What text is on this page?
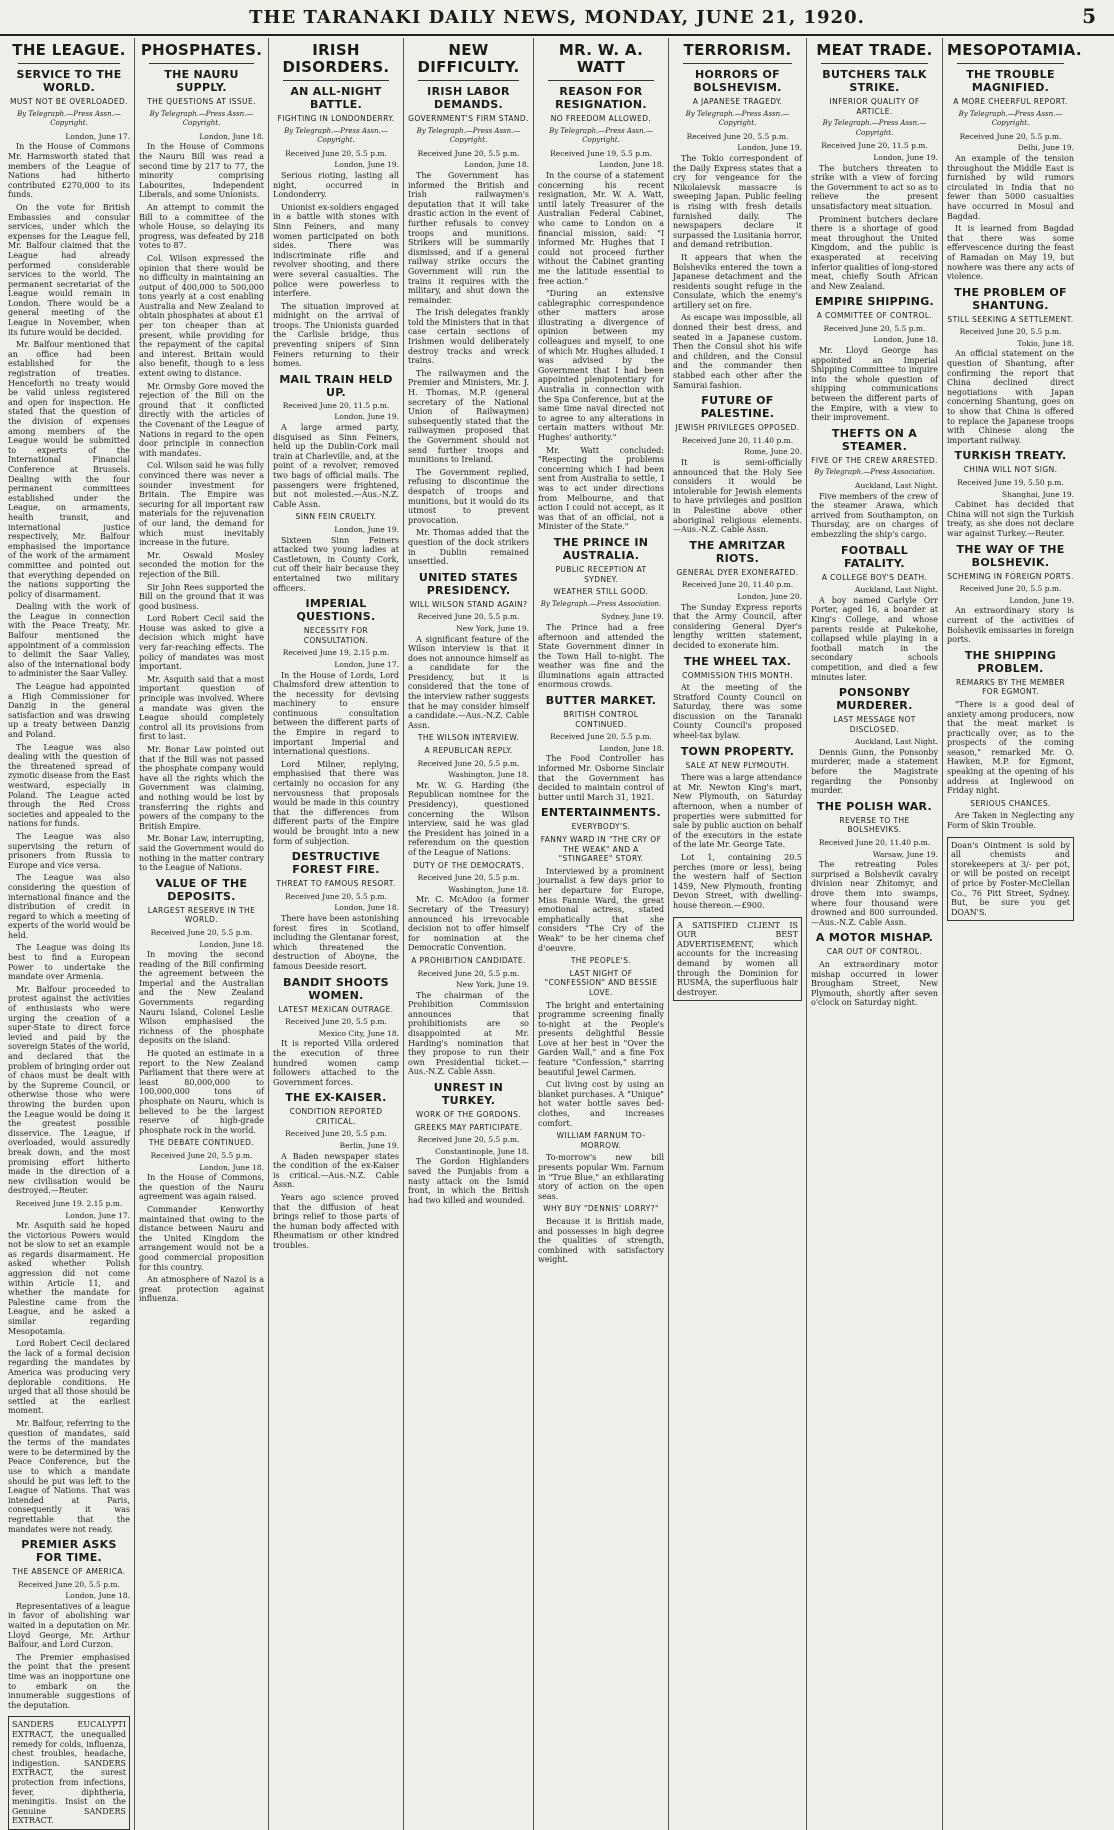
THE TARANAKI DAILY NEWS, MONDAY, JUNE 21, 1920.	5
THE LEAGUE.
SERVICE TO THE WORLD.
MUST NOT BE OVERLOADED.
By Telegraph.—Press Assn.—Copyright.
London, June 17.

In the House of Commons Mr. Harmsworth stated that members of the League of Nations had hitherto contributed £270,000 to its funds.

On the vote for British Embassies and consular services, under which the expenses for the League fell, Mr. Balfour claimed that the League had already performed considerable services to the world. The permanent secretariat of the League would remain in London. There would be a general meeting of the League in November, when its future would be decided.

Mr. Balfour mentioned that an office had been established for the registration of treaties. Henceforth no treaty would be valid unless registered and open for inspection. He stated that the question of the division of expenses among members of the League would be submitted to experts of the International Financial Conference at Brussels. Dealing with the four permanent committees established under the League, on armaments, health transit, and international justice respectively, Mr. Balfour emphasised the importance of the work of the armament committee and pointed out that everything depended on the nations supporting the policy of disarmament.

Dealing with the work of the League in connection with the Peace Treaty, Mr. Balfour mentioned the appointment of a commission to delimit the Saar Valley, also of the international body to administer the Saar Valley.

The League had appointed a High Commissioner for Danzig in the general satisfaction and was drawing up a treaty between Danzig and Poland.

The League was also dealing with the question of the threatened spread of zymotic disease from the East westward, especially in Poland. The League acted through the Red Cross societies and appealed to the nations for funds.

The League was also supervising the return of prisoners from Russia to Europe and vice versa.

The League was also considering the question of international finance and the distribution of credit in regard to which a meeting of experts of the world would be held.

The League was doing its best to find a European Power to undertake the mandate over Armenia.

Mr. Balfour proceeded to protest against the activities of enthusiasts who were urging the creation of a super-State to direct force levied and paid by the sovereign States of the world, and declared that the problem of bringing order out of chaos must be dealt with by the Supreme Council, or otherwise those who were throwing the burden upon the League would be doing it the greatest possible disservice. The League, if overloaded, would assuredly break down, and the most promising effort hitherto made in the direction of a new civilisation would be destroyed.—Reuter.

Received June 19. 2.15 p.m.
London, June 17.

Mr. Asquith said he hoped the victorious Powers would not be slow to set an example as regards disarmament. He asked whether Polish aggression did not come within Article 11, and whether the mandate for Palestine came from the League, and he asked a similar regarding Mesopotamia.

Lord Robert Cecil declared the lack of a formal decision regarding the mandates by America was producing very deplorable conditions. He urged that all those should be settled at the earliest moment.

Mr. Balfour, referring to the question of mandates, said the terms of the mandates were to be determined by the Peace Conference, but the use to which a mandate should be put was left to the League of Nations. That was intended at Paris, consequently it was regrettable that the mandates were not ready.

PREMIER ASKS FOR TIME.
THE ABSENCE OF AMERICA.
Received June 20, 5.5 p.m.
London, June 18.

Representatives of a league in favor of abolishing war waited in a deputation on Mr. Lloyd George, Mr. Arthur Balfour, and Lord Curzon.

The Premier emphasised the point that the present time was an inopportune one to embark on the innumerable suggestions of the deputation.

SANDERS EUCALYPTI EXTRACT, the unequalled remedy for colds, influenza, chest troubles, headache, indigestion. SANDERS EXTRACT, the surest protection from infections, fever, diphtheria, meningitis. Insist on the Genuine SANDERS EXTRACT.
PHOSPHATES.
THE NAURU SUPPLY.
THE QUESTIONS AT ISSUE.
By Telegraph.—Press Assn.—Copyright.
London, June 18.

In the House of Commons the Nauru Bill was read a second time by 217 to 77, the minority comprising Labourites, Independent Liberals, and some Unionists.

An attempt to commit the Bill to a committee of the whole House, so delaying its progress, was defeated by 218 votes to 87.

Col. Wilson expressed the opinion that there would be no difficulty in maintaining an output of 400,000 to 500,000 tons yearly at a cost enabling Australia and New Zealand to obtain phosphates at about £1 per ton cheaper than at present, while providing for the repayment of the capital and interest. Britain would also benefit, though to a less extent owing to distance.

Mr. Ormsby Gore moved the rejection of the Bill on the ground that it conflicted directly with the articles of the Covenant of the League of Nations in regard to the open door principle in connection with mandates.

Col. Wilson said he was fully convinced there was never a sounder investment for Britain. The Empire was securing for all important raw materials for the rejuvenation of our land, the demand for which must inevitably increase in the future.

Mr. Oswald Mosley seconded the motion for the rejection of the Bill.

Sir John Rees supported the Bill on the ground that it was good business.

Lord Robert Cecil said the House was asked to give a decision which might have very far-reaching effects. The policy of mandates was most important.

Mr. Asquith said that a most important question of principle was involved. Where a mandate was given the League should completely control all its provisions from first to last.

Mr. Bonar Law pointed out that if the Bill was not passed the phosphate company would have all the rights which the Government was claiming, and nothing would be lost by transferring the rights and powers of the company to the British Empire.

Mr. Bonar Law, interrupting, said the Government would do nothing in the matter contrary to the League of Nations.

VALUE OF THE DEPOSITS.
LARGEST RESERVE IN THE WORLD.
Received June 20, 5.5 p.m.
London, June 18.

In moving the second reading of the Bill confirming the agreement between the Imperial and the Australian and the New Zealand Governments regarding Nauru Island, Colonel Leslie Wilson emphasised the richness of the phosphate deposits on the island.

He quoted an estimate in a report to the New Zealand Parliament that there were at least 80,000,000 to 100,000,000 tons of phosphate on Nauru, which is believed to be the largest reserve of high-grade phosphate rock in the world.

THE DEBATE CONTINUED.
Received June 20, 5.5 p.m.
London, June 18.

In the House of Commons, the question of the Nauru agreement was again raised.

Commander Kenworthy maintained that owing to the distance between Nauru and the United Kingdom the arrangement would not be a good commercial proposition for this country.

An atmosphere of Nazol is a great protection against influenza.

IRISH DISORDERS.
AN ALL-NIGHT BATTLE.
FIGHTING IN LONDONDERRY.
By Telegraph.—Press Assn.—Copyright.
Received June 20, 5.5 p.m.
London, June 19.

Serious rioting, lasting all night, occurred in Londonderry.

Unionist ex-soldiers engaged in a battle with stones with Sinn Feiners, and many women participated on both sides. There was indiscriminate rifle and revolver shooting, and there were several casualties. The police were powerless to interfere.

The situation improved at midnight on the arrival of troops. The Unionists guarded the Carlisle bridge, thus preventing snipers of Sinn Feiners returning to their homes.

MAIL TRAIN HELD UP.
Received June 20, 11.5 p.m.
London, June 19.

A large armed party, disguised as Sinn Feiners, held up the Dublin-Cork mail train at Charleville, and, at the point of a revolver, removed two bags of official mails. The passengers were frightened, but not molested.—Aus.-N.Z. Cable Assn.

SINN FEIN CRUELTY.
London, June 19.

Sixteen Sinn Feiners attacked two young ladies at Castletown, in County Cork, cut off their hair because they entertained two military officers.

IMPERIAL QUESTIONS.
NECESSITY FOR CONSULTATION.
Received June 19, 2.15 p.m.
London, June 17.

In the House of Lords, Lord Chalmsford drew attention to the necessity for devising machinery to ensure continuous consultation between the different parts of the Empire in regard to important Imperial and international questions.

Lord Milner, replying, emphasised that there was certainly no occasion for any nervousness that proposals would be made in this country that the differences from different parts of the Empire would be brought into a new form of subjection.

DESTRUCTIVE FOREST FIRE.
THREAT TO FAMOUS RESORT.
Received June 20, 5.5 p.m.
London, June 18.

There have been astonishing forest fires in Scotland, including the Glentanar forest, which threatened the destruction of Aboyne, the famous Deeside resort.

BANDIT SHOOTS WOMEN.
LATEST MEXICAN OUTRAGE.
Received June 20, 5.5 p.m.
Mexico City, June 18.

It is reported Villa ordered the execution of three hundred women camp followers attached to the Government forces.

THE EX-KAISER.
CONDITION REPORTED CRITICAL.
Received June 20, 5.5 p.m.
Berlin, June 19.

A Baden newspaper states the condition of the ex-Kaiser is critical.—Aus.-N.Z. Cable Assn.

Years ago science proved that the diffusion of heat brings relief to those parts of the human body affected with Rheumatism or other kindred troubles.

NEW DIFFICULTY.
IRISH LABOR DEMANDS.
GOVERNMENT'S FIRM STAND.
By Telegraph.—Press Assn.—Copyright.
Received June 20, 5.5 p.m.
London, June 18.

The Government has informed the British and Irish railwaymen's deputation that it will take drastic action in the event of further refusals to convey troops and munitions. Strikers will be summarily dismissed, and if a general railway strike occurs the Government will run the trains it requires with the military, and shut down the remainder.

The Irish delegates frankly told the Ministers that in that case certain sections of Irishmen would deliberately destroy tracks and wreck trains.

The railwaymen and the Premier and Ministers, Mr. J. H. Thomas, M.P. (general secretary of the National Union of Railwaymen) subsequently stated that the railwaymen proposed that the Government should not send further troops and munitions to Ireland.

The Government replied, refusing to discontinue the despatch of troops and munitions, but it would do its utmost to prevent provocation.

Mr. Thomas added that the question of the dock strikers in Dublin remained unsettled.

UNITED STATES PRESIDENCY.
WILL WILSON STAND AGAIN?
Received June 20, 5.5 p.m.
New York, June 19.

A significant feature of the Wilson interview is that it does not announce himself as a candidate for the Presidency, but it is considered that the tone of the interview rather suggests that he may consider himself a candidate.—Aus.-N.Z. Cable Assn.

THE WILSON INTERVIEW.
A REPUBLICAN REPLY.
Received June 20, 5.5 p.m.
Washington, June 18.

Mr. W. G. Harding (the Republican nominee for the Presidency), questioned concerning the Wilson interview, said he was glad the President has joined in a referendum on the question of the League of Nations.

DUTY OF THE DEMOCRATS.
Received June 20, 5.5 p.m.
Washington, June 18.

Mr. C. McAdoo (a former Secretary of the Treasury) announced his irrevocable decision not to offer himself for nomination at the Democratic Convention.

A PROHIBITION CANDIDATE.
Received June 20, 5.5 p.m.
New York, June 19.

The chairman of the Prohibition Commission announces that prohibitionists are so disappointed at Mr. Harding's nomination that they propose to run their own Presidential ticket.—Aus.-N.Z. Cable Assn.

UNREST IN TURKEY.
WORK OF THE GORDONS.
GREEKS MAY PARTICIPATE.
Received June 20, 5.5 p.m.
Constantinople, June 18.

The Gordon Highlanders saved the Punjabis from a nasty attack on the Ismid front, in which the British had two killed and wounded.

MR. W. A. WATT
REASON FOR RESIGNATION.
NO FREEDOM ALLOWED.
By Telegraph.—Press Assn.—Copyright.
Received June 19, 5.5 p.m.
London, June 18.

In the course of a statement concerning his recent resignation, Mr. W. A. Watt, until lately Treasurer of the Australian Federal Cabinet, who came to London on a financial mission, said: "I informed Mr. Hughes that I could not proceed further without the Cabinet granting me the latitude essential to free action."

"During an extensive cablegraphic correspondence other matters arose illustrating a divergence of opinion between my colleagues and myself, to one of which Mr. Hughes alluded. I was advised by the Government that I had been appointed plenipotentiary for Australia in connection with the Spa Conference, but at the same time naval directed not to agree to any alterations in certain matters without Mr. Hughes' authority."

Mr. Watt concluded: "Respecting the problems concerning which I had been sent from Australia to settle, I was to act under directions from Melbourne, and that action I could not accept, as it was that of an official, not a Minister of the State."

THE PRINCE IN AUSTRALIA.
PUBLIC RECEPTION AT SYDNEY.
WEATHER STILL GOOD.
By Telegraph.—Press Association.
Sydney, June 19.

The Prince had a free afternoon and attended the State Government dinner in the Town Hall to-night. The weather was fine and the illuminations again attracted enormous crowds.

BUTTER MARKET.
BRITISH CONTROL CONTINUED.
Received June 20, 5.5 p.m.
London, June 18.

The Food Controller has informed Mr. Osborne Sinclair that the Government has decided to maintain control of butter until March 31, 1921.

ENTERTAINMENTS.
EVERYBODY'S.
FANNY WARD IN "THE CRY OF THE WEAK" AND A "STINGAREE" STORY.

Interviewed by a prominent journalist a few days prior to her departure for Europe, Miss Fannie Ward, the great emotional actress, stated emphatically that she considers "The Cry of the Weak" to be her cinema chef d'oeuvre.

THE PEOPLE'S.
LAST NIGHT OF "CONFESSION" AND BESSIE LOVE.

The bright and entertaining programme screening finally to-night at the People's presents delightful Bessie Love at her best in "Over the Garden Wall," and a fine Fox feature "Confession," starring beautiful Jewel Carmen.

Cut living cost by using an blanket purchases. A "Unique" hot water bottle saves bed-clothes, and increases comfort.

WILLIAM FARNUM TO-MORROW.

To-morrow's new bill presents popular Wm. Farnum in "True Blue," an exhilarating story of action on the open seas.

WHY BUY "DENNIS' LORRY?"

Because it is British made, and possesses in high degree the qualities of strength, combined with satisfactory weight.

TERRORISM.
HORRORS OF BOLSHEVISM.
A JAPANESE TRAGEDY.
By Telegraph.—Press Assn.—Copyright.
Received June 20, 5.5 p.m.
London, June 19.

The Tokio correspondent of the Daily Express states that a cry for vengeance for the Nikolaievsk massacre is sweeping Japan. Public feeling is rising with fresh details furnished daily. The newspapers declare it surpassed the Lusitania horror, and demand retribution.

It appears that when the Bolsheviks entered the town a Japanese detachment and the residents sought refuge in the Consulate, which the enemy's artillery set on fire.

As escape was impossible, all donned their best dress, and seated in a Japanese custom. Then the Consul shot his wife and children, and the Consul and the commander then stabbed each other after the Samurai fashion.

FUTURE OF PALESTINE.
JEWISH PRIVILEGES OPPOSED.
Received June 20, 11.40 p.m.
Rome, June 20.

It is semi-officially announced that the Holy See considers it would be intolerable for Jewish elements to have privileges and position in Palestine above other aboriginal religious elements.—Aus.-N.Z. Cable Assn.

THE AMRITZAR RIOTS.
GENERAL DYER EXONERATED.
Received June 20, 11.40 p.m.
London, June 20.

The Sunday Express reports that the Army Council, after considering General Dyer's lengthy written statement, decided to exonerate him.

THE WHEEL TAX.
COMMISSION THIS MONTH.

At the meeting of the Stratford County Council on Saturday, there was some discussion on the Taranaki County Council's proposed wheel-tax bylaw.

TOWN PROPERTY.
SALE AT NEW PLYMOUTH.

There was a large attendance at Mr. Newton King's mart, New Plymouth, on Saturday afternoon, when a number of properties were submitted for sale by public auction on behalf of the executors in the estate of the late Mr. George Tate.

Lot 1, containing 20.5 perches (more or less), being the western half of Section 1459, New Plymouth, fronting Devon Street, with dwelling-house thereon.—£900.

A SATISFIED CLIENT IS OUR BEST ADVERTISEMENT, which accounts for the increasing demand by women all through the Dominion for RUSMA, the superfluous hair destroyer.
MEAT TRADE.
BUTCHERS TALK STRIKE.
INFERIOR QUALITY OF ARTICLE.
By Telegraph.—Press Assn.—Copyright.
Received June 20, 11.5 p.m.
London, June 19.

The butchers threaten to strike with a view of forcing the Government to act so as to relieve the present unsatisfactory meat situation.

Prominent butchers declare there is a shortage of good meat throughout the United Kingdom, and the public is exasperated at receiving inferior qualities of long-stored meat, chiefly South African and New Zealand.

EMPIRE SHIPPING.
A COMMITTEE OF CONTROL.
Received June 20, 5.5 p.m.
London, June 18.

Mr. Lloyd George has appointed an Imperial Shipping Committee to inquire into the whole question of shipping communications between the different parts of the Empire, with a view to their improvement.

THEFTS ON A STEAMER.
FIVE OF THE CREW ARRESTED.
By Telegraph.—Press Association.
Auckland, Last Night.

Five members of the crew of the steamer Arawa, which arrived from Southampton, on Thursday, are on charges of embezzling the ship's cargo.

FOOTBALL FATALITY.
A COLLEGE BOY'S DEATH.
Auckland, Last Night.

A boy named Carlyle Orr Porter, aged 16, a boarder at King's College, and whose parents reside at Pukekohe, collapsed while playing in a football match in the secondary schools competition, and died a few minutes later.

PONSONBY MURDERER.
LAST MESSAGE NOT DISCLOSED.
Auckland, Last Night.

Dennis Gunn, the Ponsonby murderer, made a statement before the Magistrate regarding the Ponsonby murder.

THE POLISH WAR.
REVERSE TO THE BOLSHEVIKS.
Received June 20, 11.40 p.m.
Warsaw, June 19.

The retreating Poles surprised a Bolshevik cavalry division near Zhitomyr, and drove them into swamps, where four thousand were drowned and 800 surrounded.—Aus.-N.Z. Cable Assn.

A MOTOR MISHAP.
CAR OUT OF CONTROL.

An extraordinary motor mishap occurred in lower Brougham Street, New Plymouth, shortly after seven o'clock on Saturday night.

MESOPOTAMIA.
THE TROUBLE MAGNIFIED.
A MORE CHEERFUL REPORT.
By Telegraph.—Press Assn.—Copyright.
Received June 20, 5.5 p.m.
Delhi, June 19.

An example of the tension throughout the Middle East is furnished by wild rumors circulated in India that no fewer than 5000 casualties have occurred in Mosul and Bagdad.

It is learned from Bagdad that there was some effervescence during the feast of Ramadan on May 19, but nowhere was there any acts of violence.

THE PROBLEM OF SHANTUNG.
STILL SEEKING A SETTLEMENT.
Received June 20, 5.5 p.m.
Tokio, June 18.

An official statement on the question of Shantung, after confirming the report that China declined direct negotiations with Japan concerning Shantung, goes on to show that China is offered to replace the Japanese troops with Chinese along the important railway.

TURKISH TREATY.
CHINA WILL NOT SIGN.
Received June 19, 5.50 p.m.
Shanghai, June 19.

Cabinet has decided that China will not sign the Turkish treaty, as she does not declare war against Turkey.—Reuter.

THE WAY OF THE BOLSHEVIK.
SCHEMING IN FOREIGN PORTS.
Received June 20, 5.5 p.m.
London, June 19.

An extraordinary story is current of the activities of Bolshevik emissaries in foreign ports.

THE SHIPPING PROBLEM.
REMARKS BY THE MEMBER FOR EGMONT.

"There is a good deal of anxiety among producers, now that the meat market is practically over, as to the prospects of the coming season," remarked Mr. O. Hawken, M.P. for Egmont, speaking at the opening of his address at Inglewood on Friday night.

SERIOUS CHANCES.

Are Taken in Neglecting any Form of Skin Trouble.

Doan's Ointment is sold by all chemists and storekeepers at 3/- per pot, or will be posted on receipt of price by Foster-McClellan Co., 76 Pitt Street, Sydney. But, be sure you get DOAN'S.
